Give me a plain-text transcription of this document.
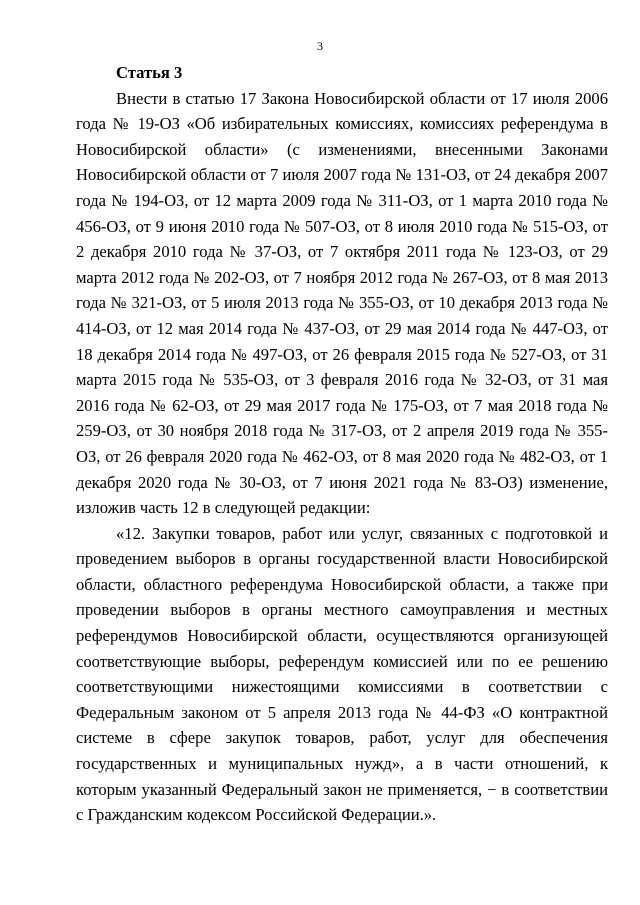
3

Статья 3

Внести в статью 17 Закона Новосибирской области от 17 июля 2006 года № 19-ОЗ «Об избирательных комиссиях, комиссиях референдума в Новосибирской области» (с изменениями, внесенными Законами Новосибирской области от 7 июля 2007 года № 131-ОЗ, от 24 декабря 2007 года № 194-ОЗ, от 12 марта 2009 года № 311-ОЗ, от 1 марта 2010 года № 456-ОЗ, от 9 июня 2010 года № 507-ОЗ, от 8 июля 2010 года № 515-ОЗ, от 2 декабря 2010 года № 37-ОЗ, от 7 октября 2011 года № 123-ОЗ, от 29 марта 2012 года № 202-ОЗ, от 7 ноября 2012 года № 267-ОЗ, от 8 мая 2013 года № 321-ОЗ, от 5 июля 2013 года № 355-ОЗ, от 10 декабря 2013 года № 414-ОЗ, от 12 мая 2014 года № 437-ОЗ, от 29 мая 2014 года № 447-ОЗ, от 18 декабря 2014 года № 497-ОЗ, от 26 февраля 2015 года № 527-ОЗ, от 31 марта 2015 года № 535-ОЗ, от 3 февраля 2016 года № 32-ОЗ, от 31 мая 2016 года № 62-ОЗ, от 29 мая 2017 года № 175-ОЗ, от 7 мая 2018 года № 259-ОЗ, от 30 ноября 2018 года № 317-ОЗ, от 2 апреля 2019 года № 355-ОЗ, от 26 февраля 2020 года № 462-ОЗ, от 8 мая 2020 года № 482-ОЗ, от 1 декабря 2020 года № 30-ОЗ, от 7 июня 2021 года № 83-ОЗ) изменение, изложив часть 12 в следующей редакции:

«12. Закупки товаров, работ или услуг, связанных с подготовкой и проведением выборов в органы государственной власти Новосибирской области, областного референдума Новосибирской области, а также при проведении выборов в органы местного самоуправления и местных референдумов Новосибирской области, осуществляются организующей соответствующие выборы, референдум комиссией или по ее решению соответствующими нижестоящими комиссиями в соответствии с Федеральным законом от 5 апреля 2013 года № 44-ФЗ «О контрактной системе в сфере закупок товаров, работ, услуг для обеспечения государственных и муниципальных нужд», а в части отношений, к которым указанный Федеральный закон не применяется, − в соответствии с Гражданским кодексом Российской Федерации.».
